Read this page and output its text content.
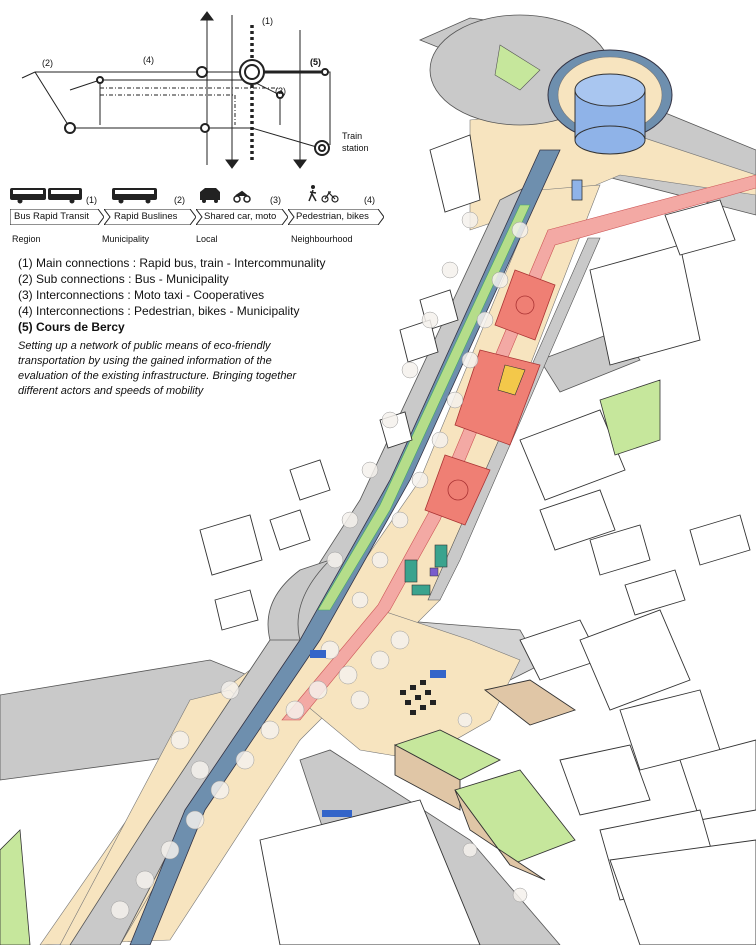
(1)
(2)	(4)	(5)
(3)
Train
station
(1)	(2)	(3)	(4)
Bus Rapid Transit	Rapid Buslines	Shared car, moto	Pedestrian, bikes
Region	Municipality	Local	Neighbourhood
(1) Main connections : Rapid bus, train - Intercommunality
(2) Sub connections : Bus - Municipality
(3) Interconnections : Moto taxi - Cooperatives
(4) Interconnections : Pedestrian, bikes - Municipality
(5) Cours de Bercy
Setting up a network of public means of eco-friendly
transportation by using the gained information of the
evaluation of the existing infrastructure. Bringing together
different actors and speeds of mobility
